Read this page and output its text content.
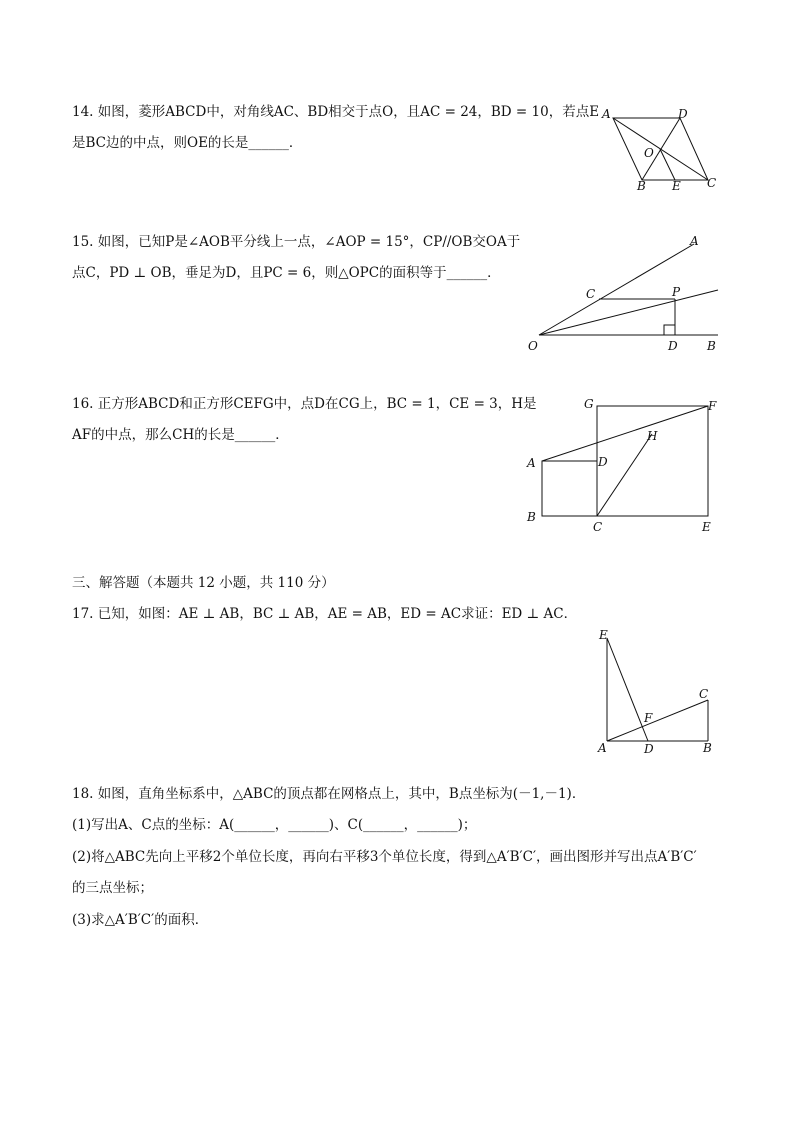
14. 如图，菱形ABCD中，对角线AC、BD相交于点O，且AC = 24，BD = 10，若点E
是BC边的中点，则OE的长是______．
A	D
O
B E C
15. 如图，已知P是∠AOB平分线上一点，∠AOP = 15°，CP//OB交OA于
点C，PD ⊥ OB，垂足为D，且PC = 6，则△OPC的面积等于______．
A
C	P
O	D B
16. 正方形ABCD和正方形CEFG中，点D在CG上，BC = 1，CE = 3，H是
AF的中点，那么CH的长是______．
G	F
H
A	D
B
C	E
三、解答题（本题共 12 小题，共 110 分）
17. 已知，如图：AE ⊥ AB，BC ⊥ AB，AE = AB，ED = AC求证：ED ⊥ AC．
E
C
F
A	D	B
18. 如图，直角坐标系中，△ABC的顶点都在网格点上，其中，B点坐标为(－1,－1)．
(1)写出A、C点的坐标：A(______，______)、C(______，______)；
(2)将△ABC先向上平移2个单位长度，再向右平移3个单位长度，得到△A′B′C′，画出图形并写出点A′B′C′
的三点坐标；
(3)求△A′B′C′的面积．
